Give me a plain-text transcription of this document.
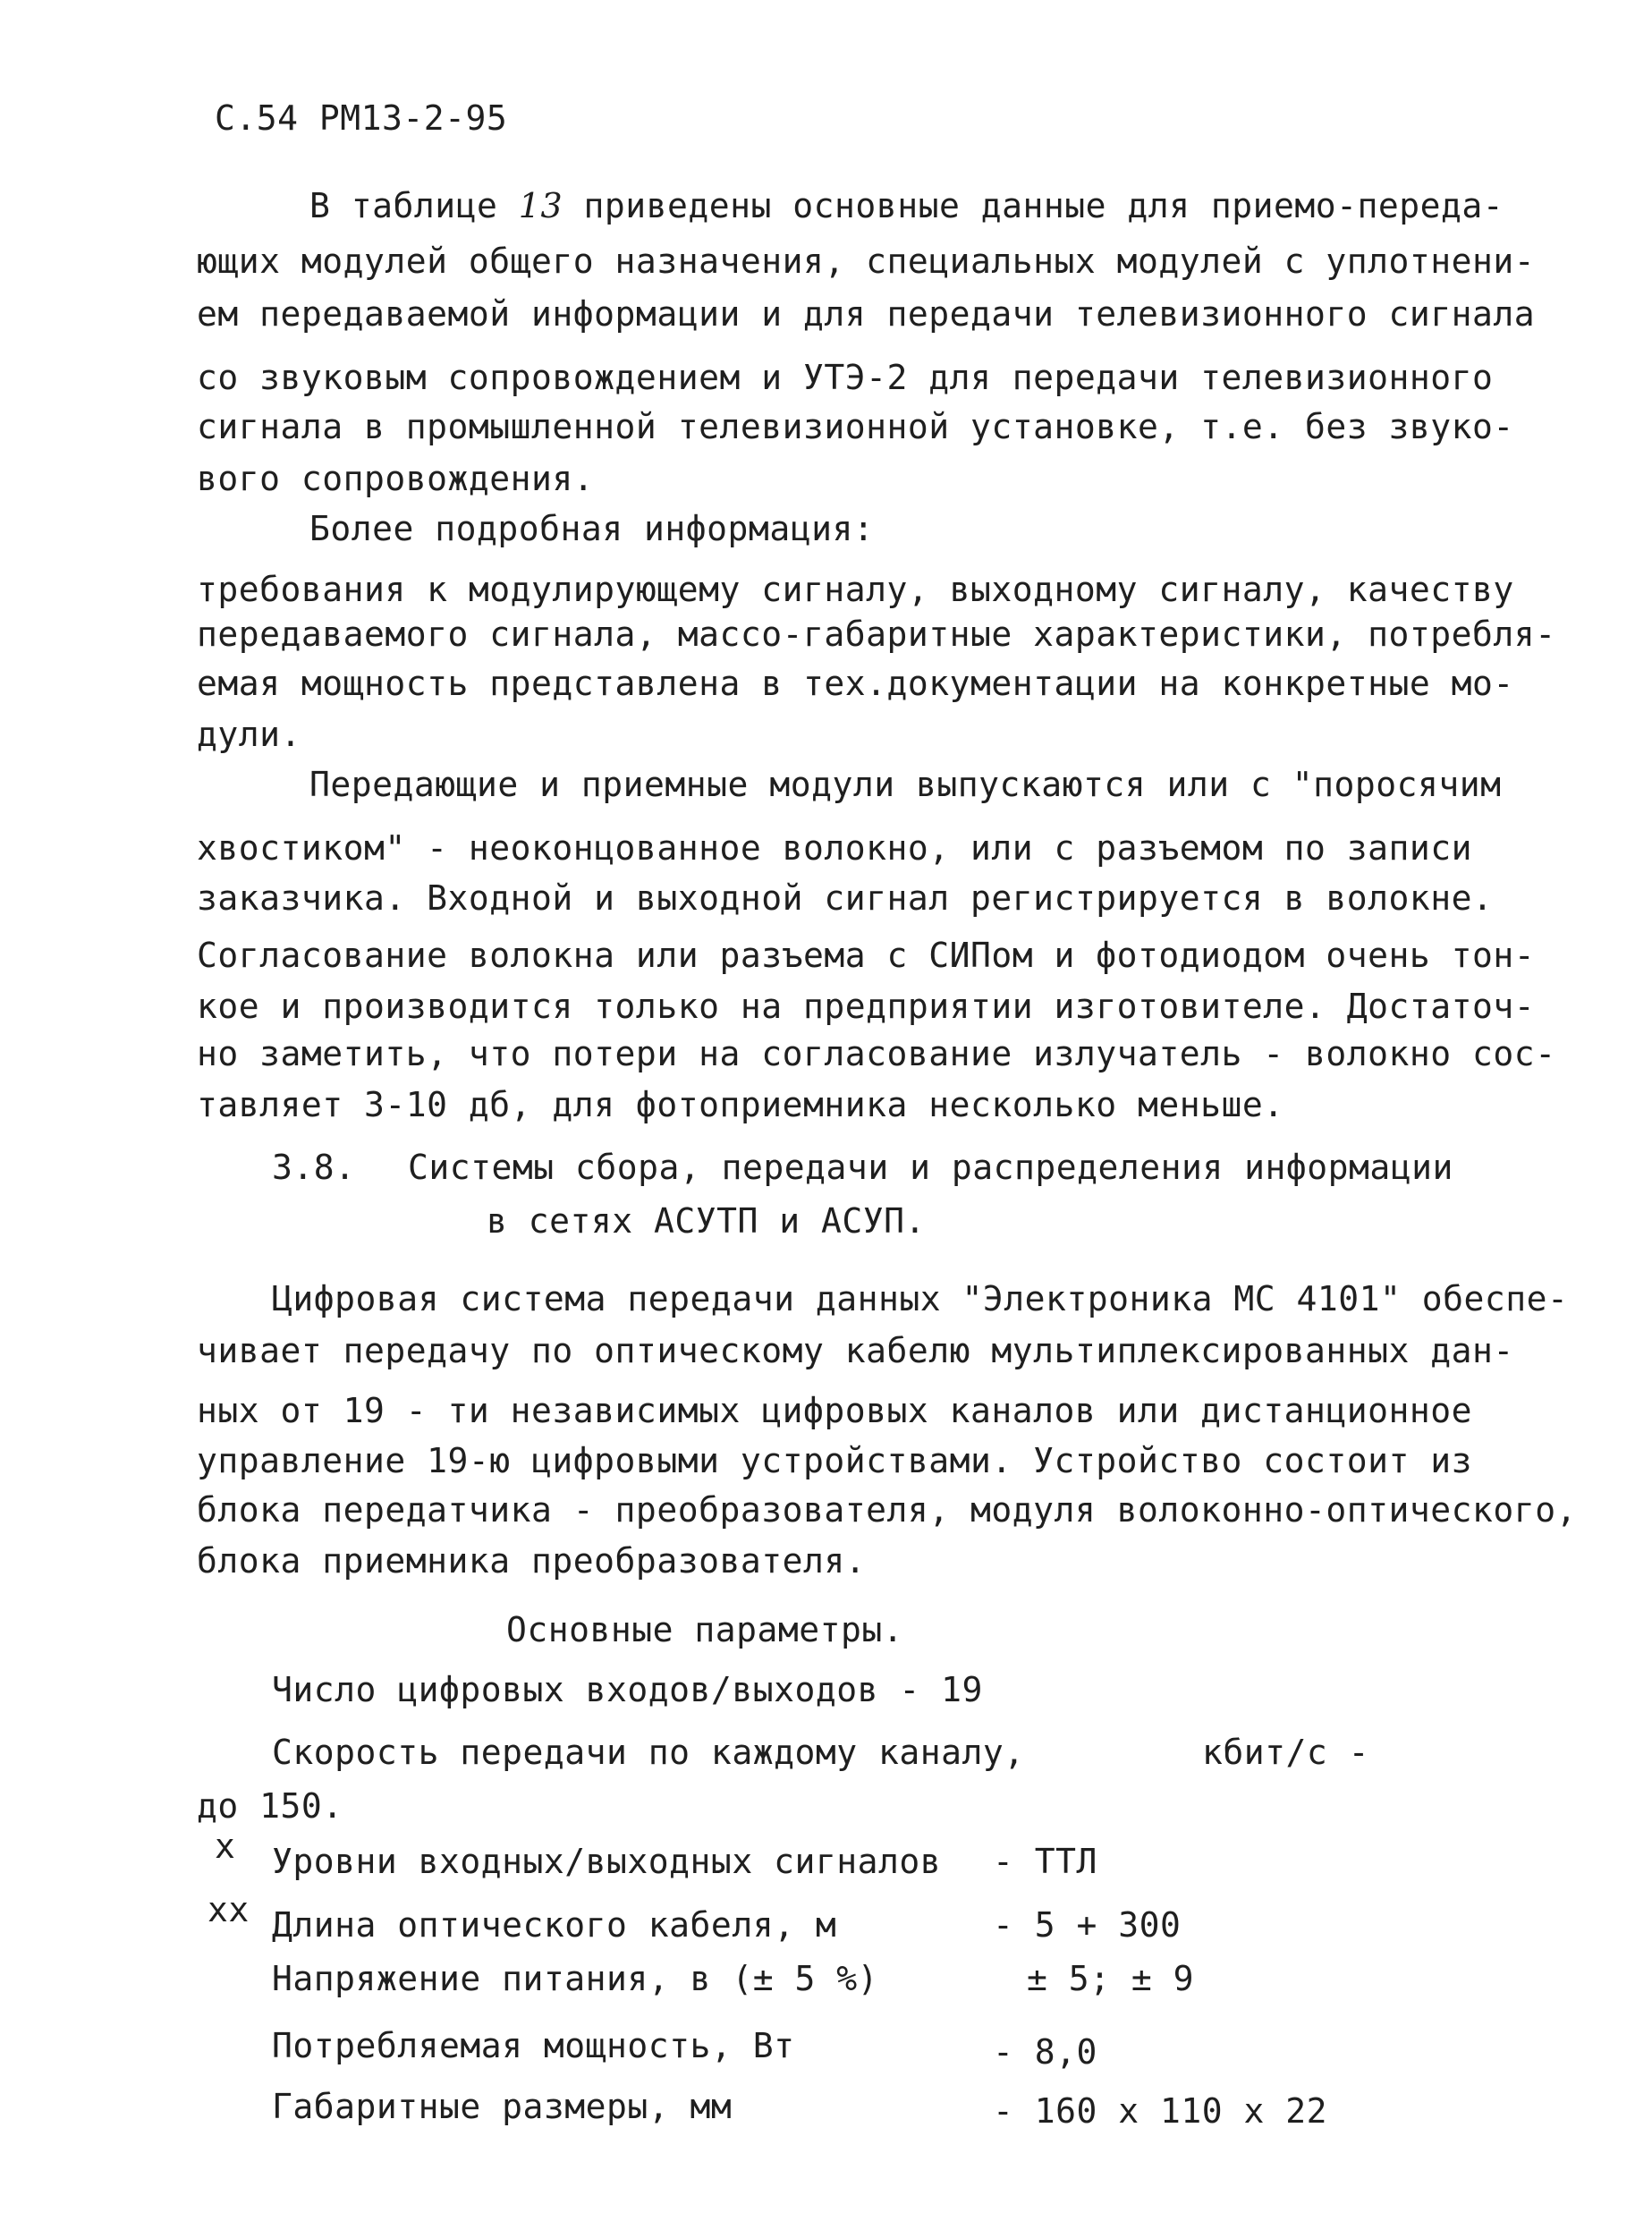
С.54 РМ13-2-95
В таблице 13 приведены основные данные для приемо-переда-
ющих модулей общего назначения, специальных модулей с уплотнени-
ем передаваемой информации и для передачи телевизионного сигнала
со звуковым сопровождением и УТЭ-2 для передачи телевизионного
сигнала в промышленной телевизионной установке, т.е. без звуко-
вого сопровождения.
Более подробная информация:
требования к модулирующему сигналу, выходному сигналу, качеству
передаваемого сигнала, массо-габаритные характеристики, потребля-
емая мощность представлена в тех.документации на конкретные мо-
дули.
Передающие и приемные модули выпускаются или с "поросячим
хвостиком" - неоконцованное волокно, или с разъемом по записи
заказчика. Входной и выходной сигнал регистрируется в волокне.
Согласование волокна или разъема с СИПом и фотодиодом очень тон-
кое и производится только на предприятии изготовителе. Достаточ-
но заметить, что потери на согласование излучатель - волокно сос-
тавляет 3-10 дб, для фотоприемника несколько меньше.
3.8. Системы сбора, передачи и распределения информации
в сетях АСУТП и АСУП.
Цифровая система передачи данных "Электроника МС 4101" обеспе-
чивает передачу по оптическому кабелю мультиплексированных дан-
ных от 19 - ти независимых цифровых каналов или дистанционное
управление 19-ю цифровыми устройствами. Устройство состоит из
блока передатчика - преобразователя, модуля волоконно-оптического,
блока приемника преобразователя.
Основные параметры.
Число цифровых входов/выходов - 19
Скорость передачи по каждому каналу,	кбит/с -
до 150.
x Уровни входных/выходных сигналов - ТТЛ
xx Длина оптического кабеля, м	- 5 + 300
Напряжение питания, в (± 5 %)	± 5; ± 9
Потребляемая мощность, Вт	- 8,0
Габаритные размеры, мм	- 160 x 110 x 22
